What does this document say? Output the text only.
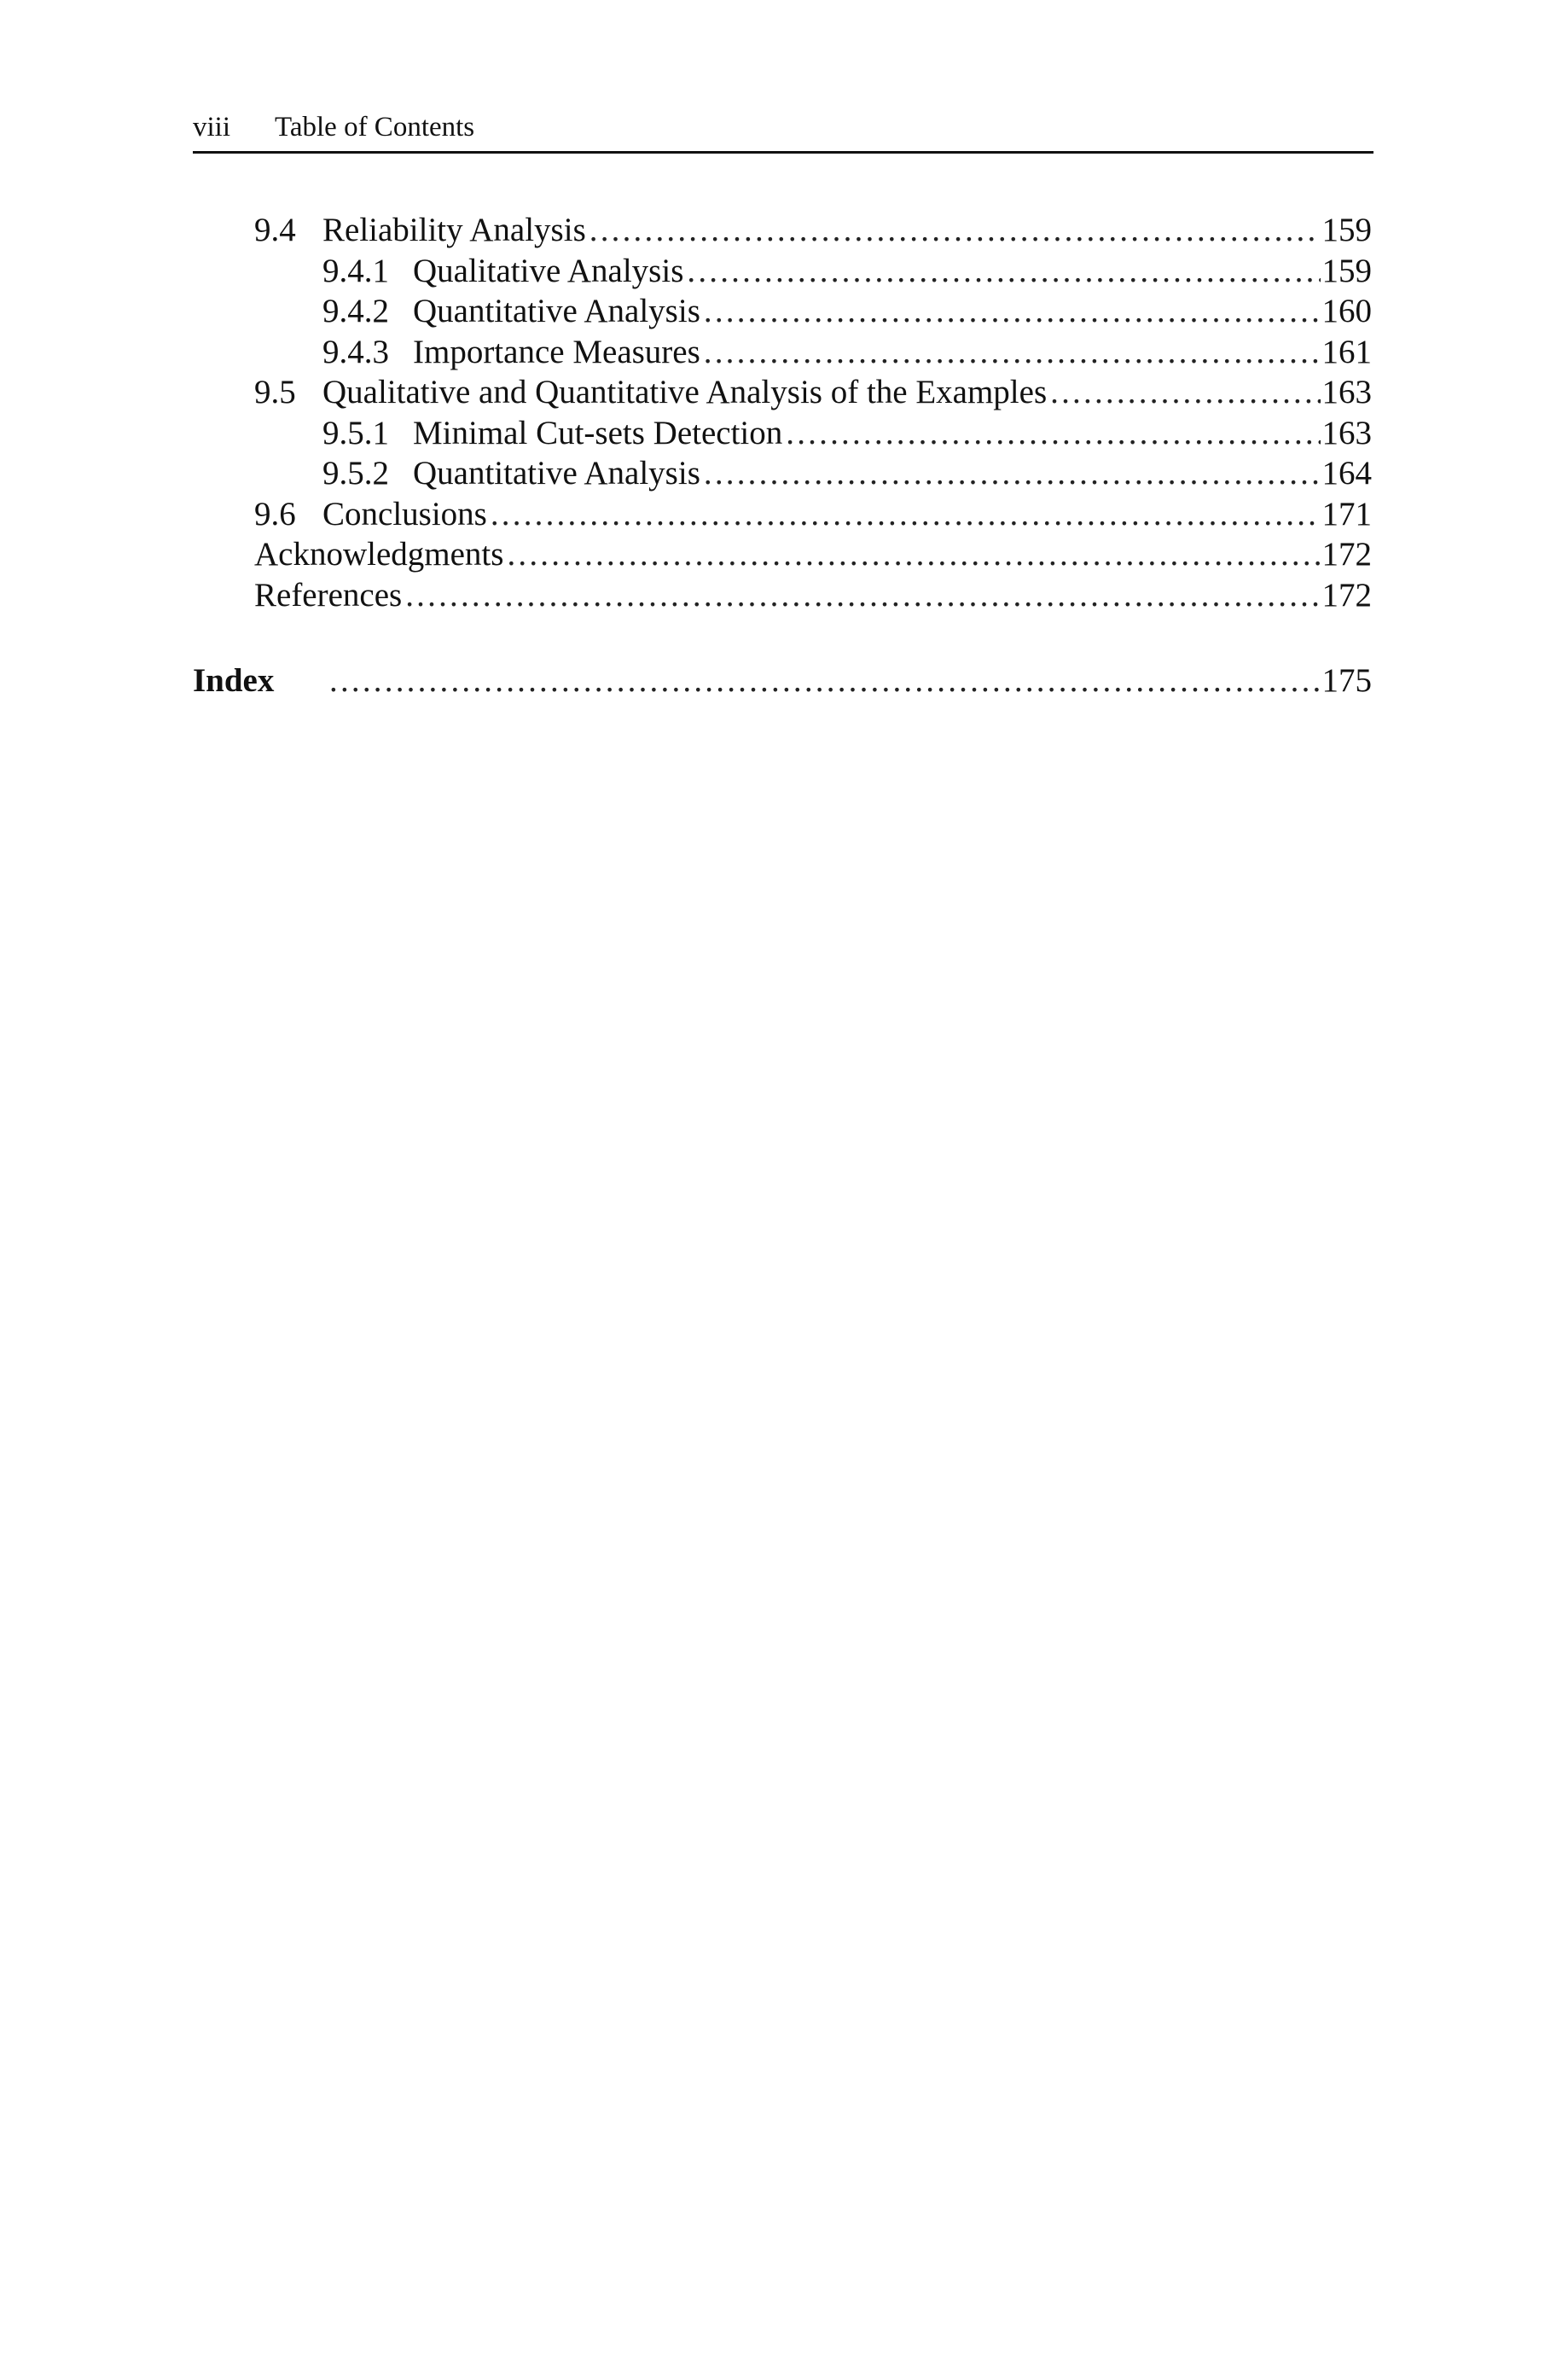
viii Table of Contents
9.4 Reliability Analysis .....	159
9.4.1 Qualitative Analysis .....	159
9.4.2 Quantitative Analysis .....	160
9.4.3 Importance Measures .....	161
9.5 Qualitative and Quantitative Analysis of the Examples .....	163
9.5.1 Minimal Cut-sets Detection .....	163
9.5.2 Quantitative Analysis .....	164
9.6 Conclusions .....	171
Acknowledgments .....	172
References .....	172
Index .....	175
